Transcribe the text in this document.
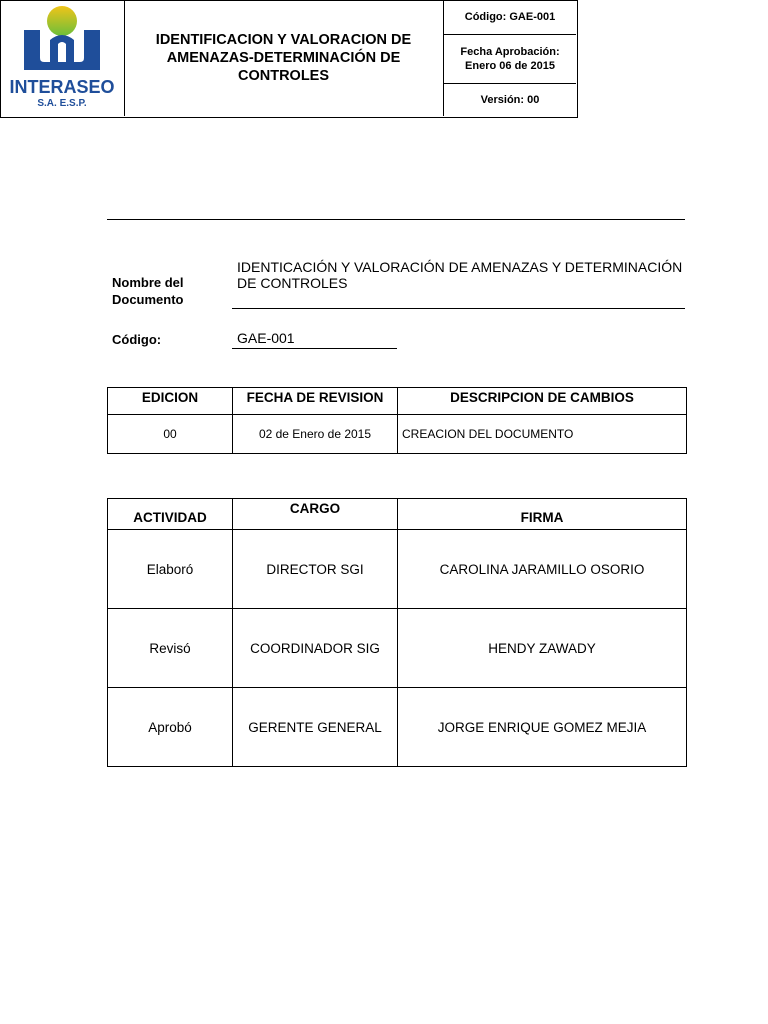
INTERASEO
S.A. E.S.P.
IDENTIFICACION Y VALORACION DE AMENAZAS-DETERMINACIÓN DE CONTROLES
Código: GAE-001
Fecha Aprobación:
Enero 06 de 2015
Versión: 00
Nombre del Documento
IDENTICACIÓN Y VALORACIÓN DE AMENAZAS Y DETERMINACIÓN DE CONTROLES
Código:	GAE-001
EDICION	FECHA DE REVISION	DESCRIPCION DE CAMBIOS
00	02 de Enero de 2015	CREACION DEL DOCUMENTO
ACTIVIDAD	CARGO	FIRMA
Elaboró	DIRECTOR SGI	CAROLINA JARAMILLO OSORIO
Revisó	COORDINADOR SIG	HENDY ZAWADY
Aprobó	GERENTE GENERAL	JORGE ENRIQUE GOMEZ MEJIA
